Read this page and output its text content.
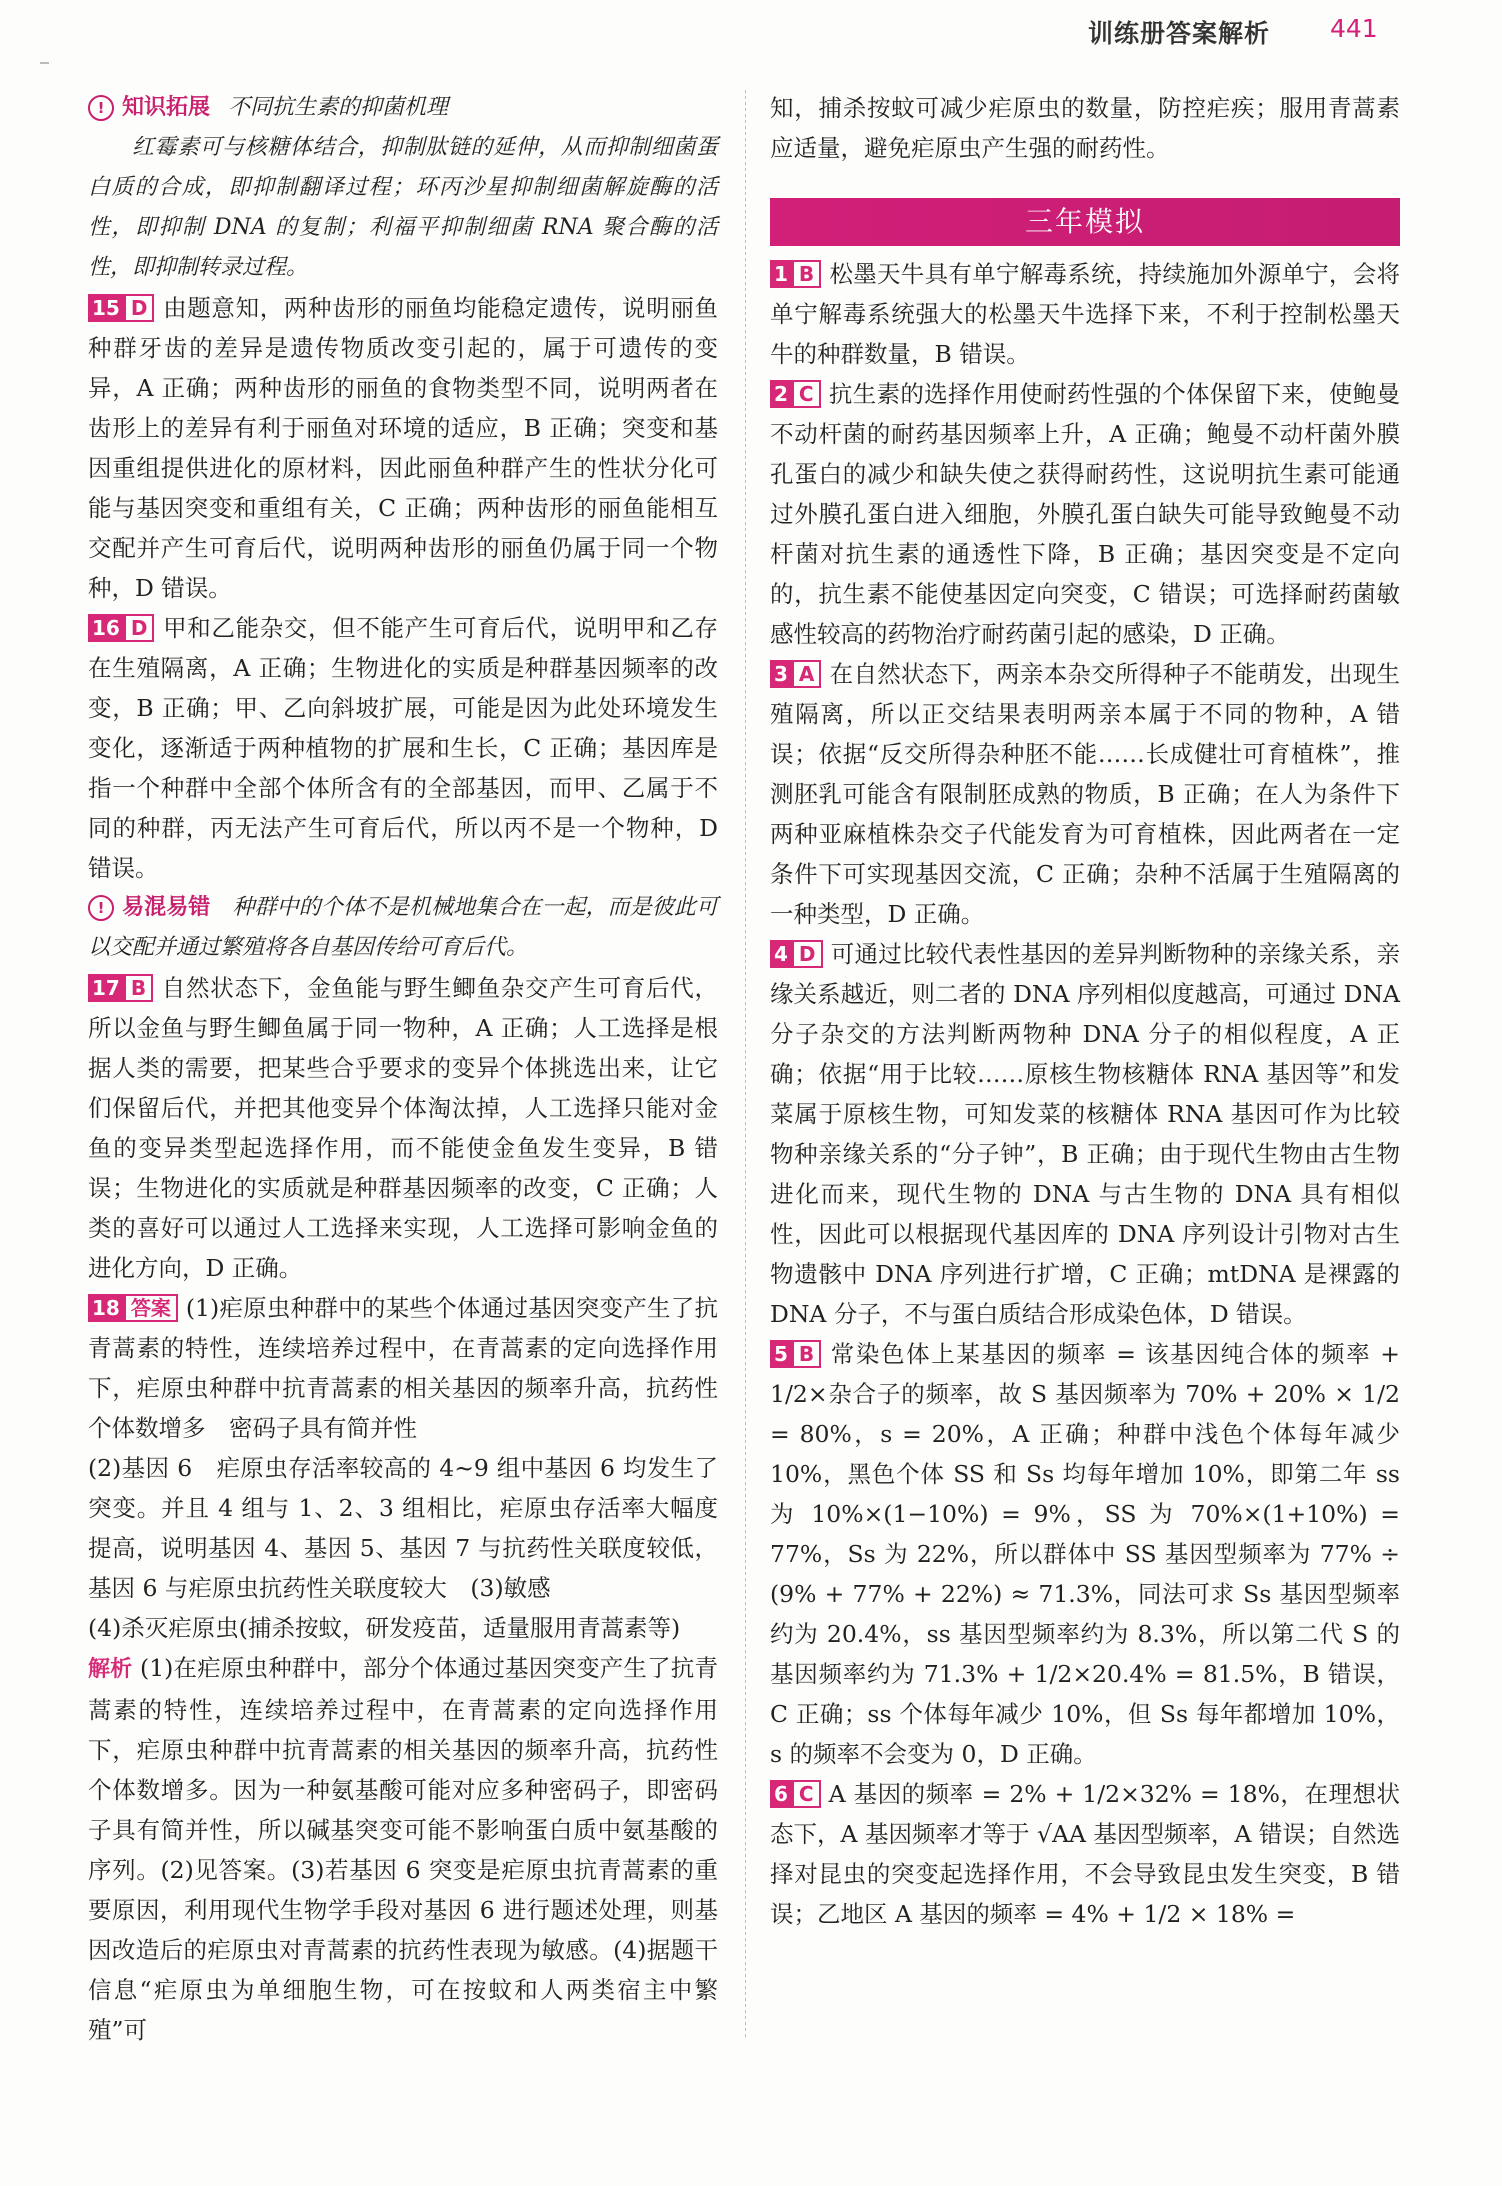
训练册答案解析 441

! 知识拓展 不同抗生素的抑菌机理

红霉素可与核糖体结合，抑制肽链的延伸，从而抑制细菌蛋白质的合成，即抑制翻译过程；环丙沙星抑制细菌解旋酶的活性，即抑制 DNA 的复制；利福平抑制细菌 RNA 聚合酶的活性，即抑制转录过程。

15 D 由题意知，两种齿形的丽鱼均能稳定遗传，说明丽鱼种群牙齿的差异是遗传物质改变引起的，属于可遗传的变异，A 正确；两种齿形的丽鱼的食物类型不同，说明两者在齿形上的差异有利于丽鱼对环境的适应，B 正确；突变和基因重组提供进化的原材料，因此丽鱼种群产生的性状分化可能与基因突变和重组有关，C 正确；两种齿形的丽鱼能相互交配并产生可育后代，说明两种齿形的丽鱼仍属于同一个物种，D 错误。

16 D 甲和乙能杂交，但不能产生可育后代，说明甲和乙存在生殖隔离，A 正确；生物进化的实质是种群基因频率的改变，B 正确；甲、乙向斜坡扩展，可能是因为此处环境发生变化，逐渐适于两种植物的扩展和生长，C 正确；基因库是指一个种群中全部个体所含有的全部基因，而甲、乙属于不同的种群，丙无法产生可育后代，所以丙不是一个物种，D 错误。

! 易混易错　 种群中的个体不是机械地集合在一起，而是彼此可以交配并通过繁殖将各自基因传给可育后代。

17 B 自然状态下，金鱼能与野生鲫鱼杂交产生可育后代，所以金鱼与野生鲫鱼属于同一物种，A 正确；人工选择是根据人类的需要，把某些合乎要求的变异个体挑选出来，让它们保留后代，并把其他变异个体淘汰掉，人工选择只能对金鱼的变异类型起选择作用，而不能使金鱼发生变异，B 错误；生物进化的实质就是种群基因频率的改变，C 正确；人类的喜好可以通过人工选择来实现，人工选择可影响金鱼的进化方向，D 正确。

18 答案 (1)疟原虫种群中的某些个体通过基因突变产生了抗青蒿素的特性，连续培养过程中，在青蒿素的定向选择作用下，疟原虫种群中抗青蒿素的相关基因的频率升高，抗药性个体数增多　密码子具有简并性

(2)基因 6　疟原虫存活率较高的 4~9 组中基因 6 均发生了突变。并且 4 组与 1、2、3 组相比，疟原虫存活率大幅度提高，说明基因 4、基因 5、基因 7 与抗药性关联度较低，基因 6 与疟原虫抗药性关联度较大　(3)敏感

(4)杀灭疟原虫(捕杀按蚊，研发疫苗，适量服用青蒿素等)

解析 (1)在疟原虫种群中，部分个体通过基因突变产生了抗青蒿素的特性，连续培养过程中，在青蒿素的定向选择作用下，疟原虫种群中抗青蒿素的相关基因的频率升高，抗药性个体数增多。因为一种氨基酸可能对应多种密码子，即密码子具有简并性，所以碱基突变可能不影响蛋白质中氨基酸的序列。(2)见答案。(3)若基因 6 突变是疟原虫抗青蒿素的重要原因，利用现代生物学手段对基因 6 进行题述处理，则基因改造后的疟原虫对青蒿素的抗药性表现为敏感。(4)据题干信息“疟原虫为单细胞生物，可在按蚊和人两类宿主中繁殖”可

知，捕杀按蚊可减少疟原虫的数量，防控疟疾；服用青蒿素应适量，避免疟原虫产生强的耐药性。

三年模拟

1 B 松墨天牛具有单宁解毒系统，持续施加外源单宁，会将单宁解毒系统强大的松墨天牛选择下来，不利于控制松墨天牛的种群数量，B 错误。

2 C 抗生素的选择作用使耐药性强的个体保留下来，使鲍曼不动杆菌的耐药基因频率上升，A 正确；鲍曼不动杆菌外膜孔蛋白的减少和缺失使之获得耐药性，这说明抗生素可能通过外膜孔蛋白进入细胞，外膜孔蛋白缺失可能导致鲍曼不动杆菌对抗生素的通透性下降，B 正确；基因突变是不定向的，抗生素不能使基因定向突变，C 错误；可选择耐药菌敏感性较高的药物治疗耐药菌引起的感染，D 正确。

3 A 在自然状态下，两亲本杂交所得种子不能萌发，出现生殖隔离，所以正交结果表明两亲本属于不同的物种，A 错误；依据“反交所得杂种胚不能……长成健壮可育植株”，推测胚乳可能含有限制胚成熟的物质，B 正确；在人为条件下两种亚麻植株杂交子代能发育为可育植株，因此两者在一定条件下可实现基因交流，C 正确；杂种不活属于生殖隔离的一种类型，D 正确。

4 D 可通过比较代表性基因的差异判断物种的亲缘关系，亲缘关系越近，则二者的 DNA 序列相似度越高，可通过 DNA 分子杂交的方法判断两物种 DNA 分子的相似程度，A 正确；依据“用于比较……原核生物核糖体 RNA 基因等”和发菜属于原核生物，可知发菜的核糖体 RNA 基因可作为比较物种亲缘关系的“分子钟”，B 正确；由于现代生物由古生物进化而来，现代生物的 DNA 与古生物的 DNA 具有相似性，因此可以根据现代基因库的 DNA 序列设计引物对古生物遗骸中 DNA 序列进行扩增，C 正确；mtDNA 是裸露的 DNA 分子，不与蛋白质结合形成染色体，D 错误。

5 B 常染色体上某基因的频率 = 该基因纯合体的频率 + 1/2×杂合子的频率，故 S 基因频率为 70% + 20% × 1/2 = 80%，s = 20%，A 正确；种群中浅色个体每年减少 10%，黑色个体 SS 和 Ss 均每年增加 10%，即第二年 ss 为 10%×(1−10%) = 9%，SS 为 70%×(1+10%) = 77%，Ss 为 22%，所以群体中 SS 基因型频率为 77% ÷ (9% + 77% + 22%) ≈ 71.3%，同法可求 Ss 基因型频率约为 20.4%，ss 基因型频率约为 8.3%，所以第二代 S 的基因频率约为 71.3% + 1/2×20.4% = 81.5%，B 错误，C 正确；ss 个体每年减少 10%，但 Ss 每年都增加 10%，s 的频率不会变为 0，D 正确。

6 C A 基因的频率 = 2% + 1/2×32% = 18%，在理想状态下，A 基因频率才等于 √AA 基因型频率，A 错误；自然选择对昆虫的突变起选择作用，不会导致昆虫发生突变，B 错误；乙地区 A 基因的频率 = 4% + 1/2 × 18% =
